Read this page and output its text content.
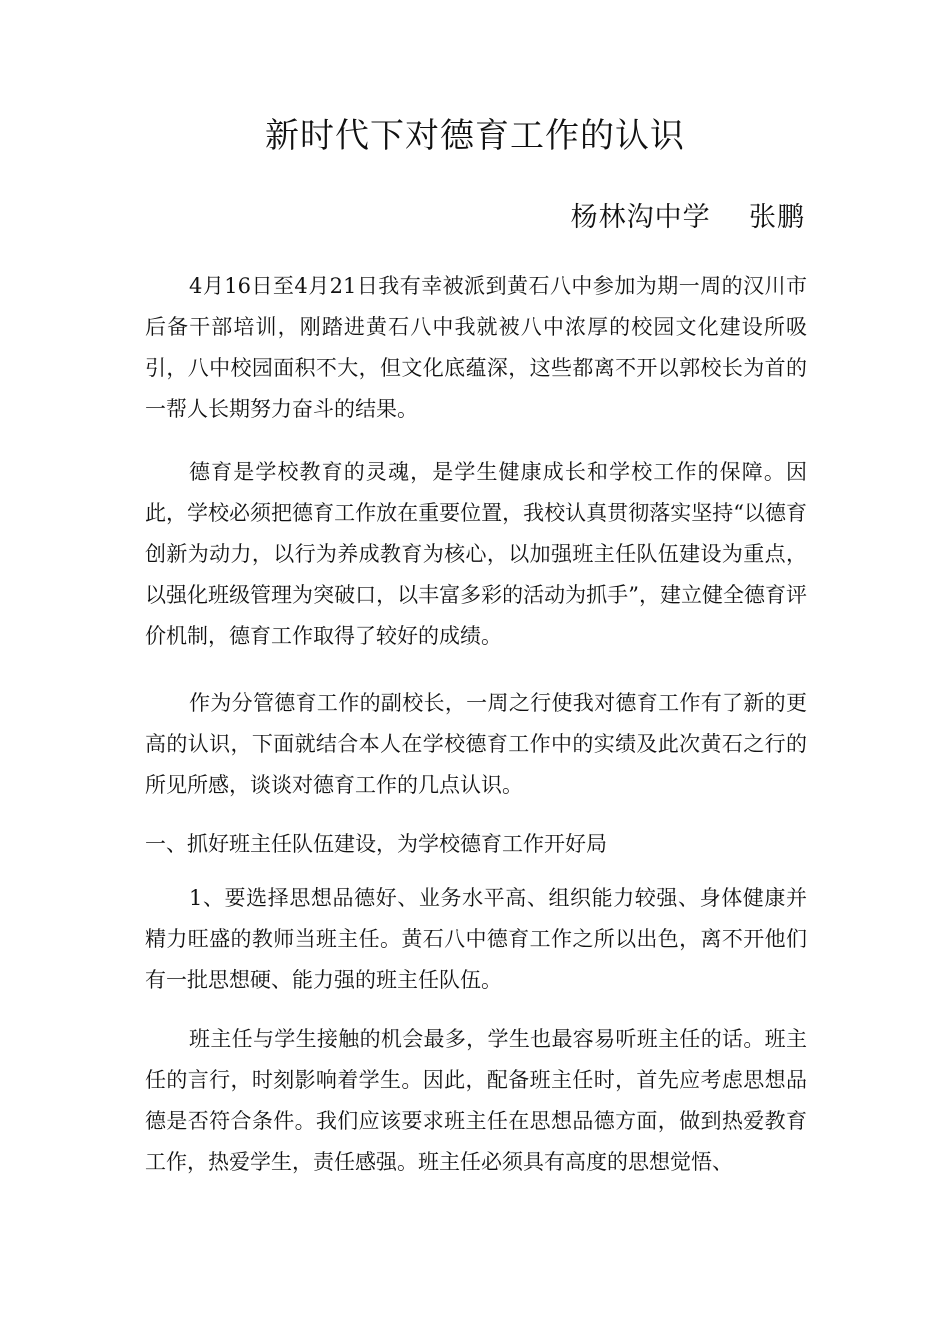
新时代下对德育工作的认识
杨林沟中学    张鹏

4月16日至4月21日我有幸被派到黄石八中参加为期一周的汉川市后备干部培训，刚踏进黄石八中我就被八中浓厚的校园文化建设所吸引，八中校园面积不大，但文化底蕴深，这些都离不开以郭校长为首的一帮人长期努力奋斗的结果。

德育是学校教育的灵魂，是学生健康成长和学校工作的保障。因此，学校必须把德育工作放在重要位置，我校认真贯彻落实坚持“以德育创新为动力，以行为养成教育为核心，以加强班主任队伍建设为重点，以强化班级管理为突破口，以丰富多彩的活动为抓手”，建立健全德育评价机制，德育工作取得了较好的成绩。

作为分管德育工作的副校长，一周之行使我对德育工作有了新的更高的认识，下面就结合本人在学校德育工作中的实绩及此次黄石之行的所见所感，谈谈对德育工作的几点认识。

一、抓好班主任队伍建设，为学校德育工作开好局

1、要选择思想品德好、业务水平高、组织能力较强、身体健康并精力旺盛的教师当班主任。黄石八中德育工作之所以出色，离不开他们有一批思想硬、能力强的班主任队伍。

班主任与学生接触的机会最多，学生也最容易听班主任的话。班主任的言行，时刻影响着学生。因此，配备班主任时，首先应考虑思想品德是否符合条件。我们应该要求班主任在思想品德方面，做到热爱教育工作，热爱学生，责任感强。班主任必须具有高度的思想觉悟、
